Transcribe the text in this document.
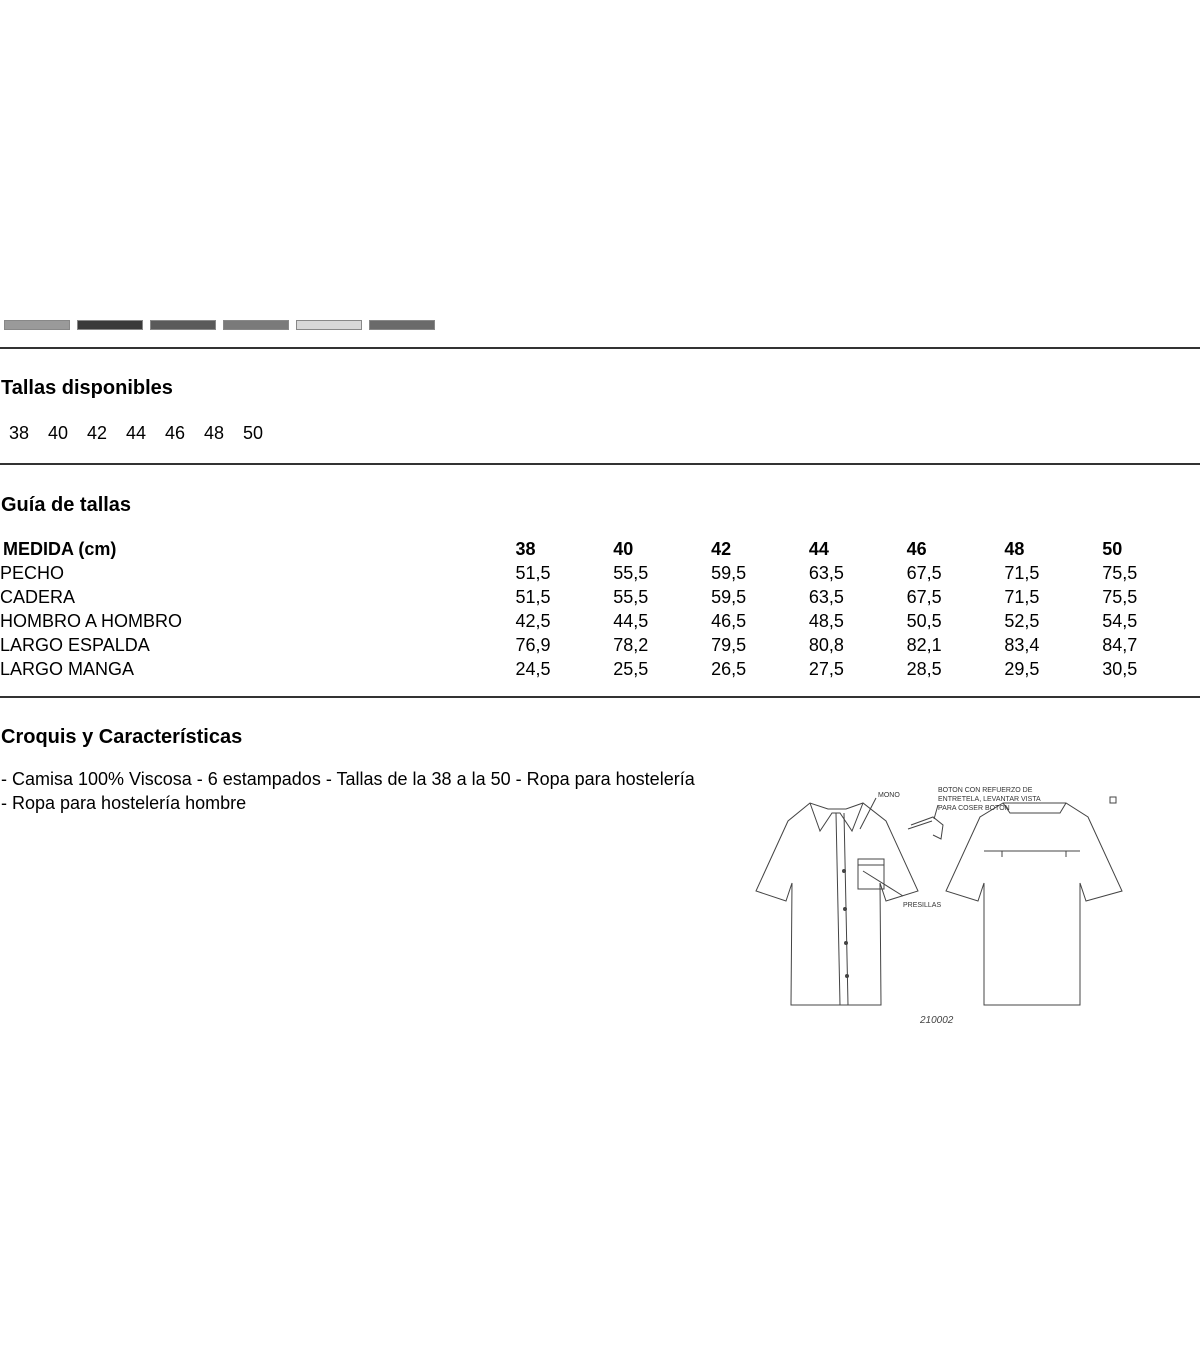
Tallas disponibles
38	40	42	44	46	48	50
Guía de tallas
MEDIDA (cm)	38	40	42	44	46	48	50
PECHO	51,5	55,5	59,5	63,5	67,5	71,5	75,5
CADERA	51,5	55,5	59,5	63,5	67,5	71,5	75,5
HOMBRO A HOMBRO	42,5	44,5	46,5	48,5	50,5	52,5	54,5
LARGO ESPALDA	76,9	78,2	79,5	80,8	82,1	83,4	84,7
LARGO MANGA	24,5	25,5	26,5	27,5	28,5	29,5	30,5
Croquis y Características
- Camisa 100% Viscosa - 6 estampados - Tallas de la 38 a la 50 - Ropa para hostelería - Ropa para hostelería hombre	MONO
BOTON CON REFUERZO DE
ENTRETELA, LEVANTAR VISTA
PARA COSER BOTON
PRESILLAS
210002
